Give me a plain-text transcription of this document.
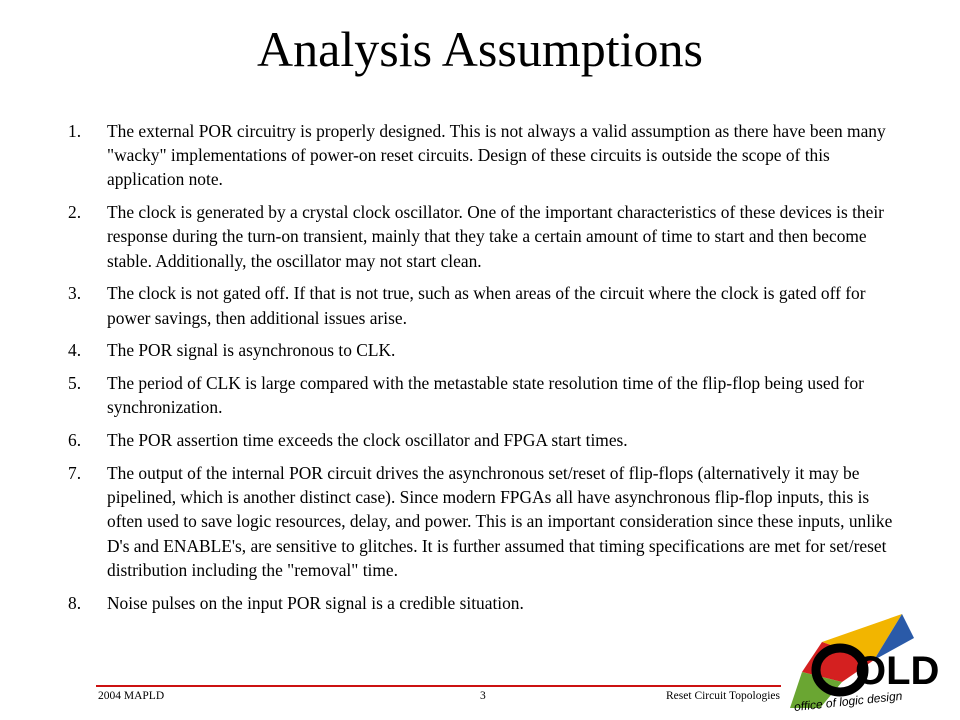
Analysis Assumptions
1. The external POR circuitry is properly designed. This is not always a valid assumption as there have been many "wacky" implementations of power-on reset circuits. Design of these circuits is outside the scope of this application note.
2. The clock is generated by a crystal clock oscillator. One of the important characteristics of these devices is their response during the turn-on transient, mainly that they take a certain amount of time to start and then become stable. Additionally, the oscillator may not start clean.
3. The clock is not gated off. If that is not true, such as when areas of the circuit where the clock is gated off for power savings, then additional issues arise.
4. The POR signal is asynchronous to CLK.
5. The period of CLK is large compared with the metastable state resolution time of the flip-flop being used for synchronization.
6. The POR assertion time exceeds the clock oscillator and FPGA start times.
7. The output of the internal POR circuit drives the asynchronous set/reset of flip-flops (alternatively it may be pipelined, which is another distinct case). Since modern FPGAs all have asynchronous flip-flop inputs, this is often used to save logic resources, delay, and power. This is an important consideration since these inputs, unlike D's and ENABLE's, are sensitive to glitches. It is further assumed that timing specifications are met for set/reset distribution including the "removal" time.
8. Noise pulses on the input POR signal is a credible situation.
2004 MAPLD	3	Reset Circuit Topologies
OLD
office of logic design
